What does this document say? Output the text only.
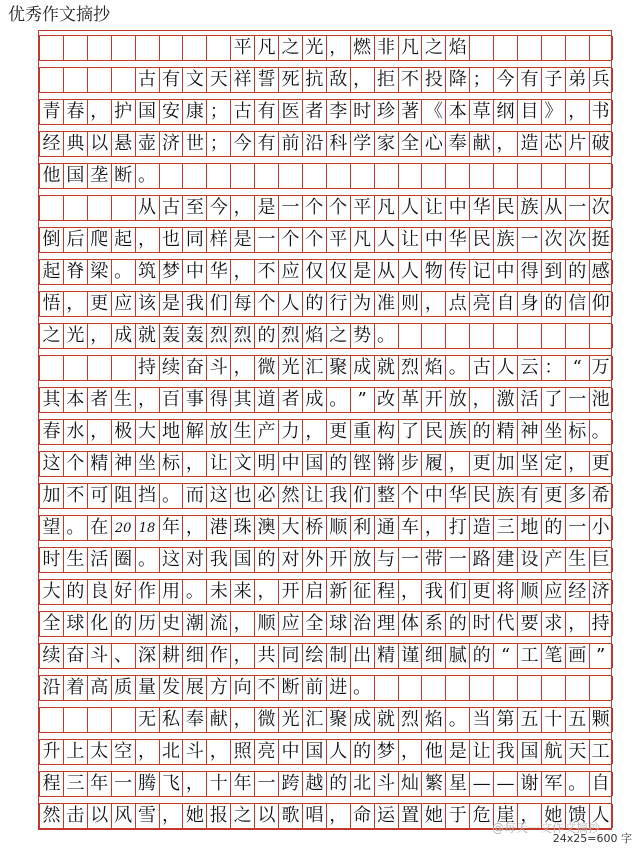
优秀作文摘抄
平 凡 之 光 ， 燃 非 凡 之 焰
古 有 文 天 祥 誓 死 抗 敌 ， 拒 不 投 降 ； 今 有 子 弟 兵
青 春 ， 护 国 安 康 ； 古 有 医 者 李 时 珍 著 《 本 草 纲 目 》 ， 书
经 典 以 悬 壶 济 世 ； 今 有 前 沿 科 学 家 全 心 奉 献 ， 造 芯 片 破
他 国 垄 断 。
从 古 至 今 ， 是 一 个 个 平 凡 人 让 中 华 民 族 从 一 次
倒 后 爬 起 ， 也 同 样 是 一 个 个 平 凡 人 让 中 华 民 族 一 次 次 挺
起 脊 梁 。 筑 梦 中 华 ， 不 应 仅 仅 是 从 人 物 传 记 中 得 到 的 感
悟 ， 更 应 该 是 我 们 每 个 人 的 行 为 准 则 ， 点 亮 自 身 的 信 仰
之 光 ， 成 就 轰 轰 烈 烈 的 烈 焰 之 势 。
持 续 奋 斗 ， 微 光 汇 聚 成 就 烈 焰 。 古 人 云 ： “ 万
其 本 者 生 ， 百 事 得 其 道 者 成 。 ” 改 革 开 放 ， 激 活 了 一 池
春 水 ， 极 大 地 解 放 生 产 力 ， 更 重 构 了 民 族 的 精 神 坐 标 。
这 个 精 神 坐 标 ， 让 文 明 中 国 的 铿 锵 步 履 ， 更 加 坚 定 ， 更
加 不 可 阻 挡 。 而 这 也 必 然 让 我 们 整 个 中 华 民 族 有 更 多 希
望 。 在 20 18 年 ， 港 珠 澳 大 桥 顺 利 通 车 ， 打 造 三 地 的 一 小
时 生 活 圈 。 这 对 我 国 的 对 外 开 放 与 一 带 一 路 建 设 产 生 巨
大 的 良 好 作 用 。 未 来 ， 开 启 新 征 程 ， 我 们 更 将 顺 应 经 济
全 球 化 的 历 史 潮 流 ， 顺 应 全 球 治 理 体 系 的 时 代 要 求 ， 持
续 奋 斗 、 深 耕 细 作 ， 共 同 绘 制 出 精 谨 细 腻 的 “ 工 笔 画 ”
沿 着 高 质 量 发 展 方 向 不 断 前 进 。
无 私 奉 献 ， 微 光 汇 聚 成 就 烈 焰 。 当 第 五 十 五 颗
升 上 太 空 ， 北 斗 ， 照 亮 中 国 人 的 梦 ， 他 是 让 我 国 航 天 工
程 三 年 一 腾 飞 ， 十 年 一 跨 越 的 北 斗 灿 繁 星 — — 谢 军 。 自
然 击 以 风 雪 ， 她 报 之 以 歌 唱 ， 命 运 置 她 于 危 崖 ， 她 馈 人
@每天一文作文摘抄
24x25=600 字
